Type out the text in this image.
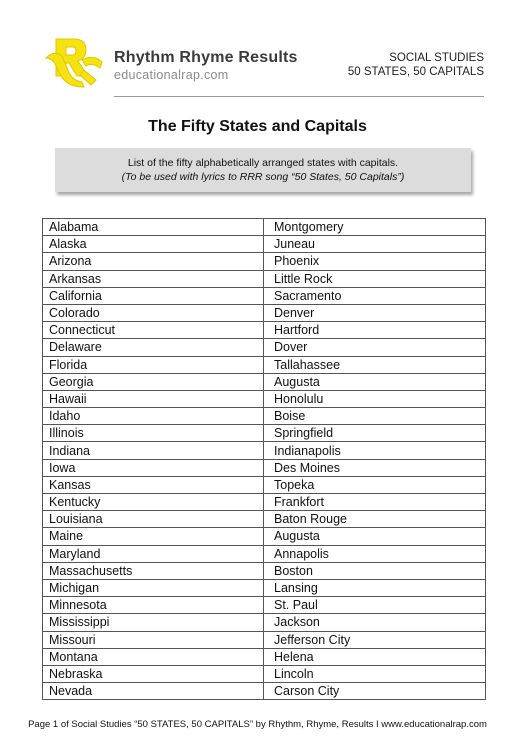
Rhythm Rhyme Results
educationalrap.com
SOCIAL STUDIES
50 STATES, 50 CAPITALS
The Fifty States and Capitals
List of the fifty alphabetically arranged states with capitals.
(To be used with lyrics to RRR song “50 States, 50 Capitals”)
Alabama	Montgomery
Alaska	Juneau
Arizona	Phoenix
Arkansas	Little Rock
California	Sacramento
Colorado	Denver
Connecticut	Hartford
Delaware	Dover
Florida	Tallahassee
Georgia	Augusta
Hawaii	Honolulu
Idaho	Boise
Illinois	Springfield
Indiana	Indianapolis
Iowa	Des Moines
Kansas	Topeka
Kentucky	Frankfort
Louisiana	Baton Rouge
Maine	Augusta
Maryland	Annapolis
Massachusetts	Boston
Michigan	Lansing
Minnesota	St. Paul
Mississippi	Jackson
Missouri	Jefferson City
Montana	Helena
Nebraska	Lincoln
Nevada	Carson City
Page 1 of Social Studies “50 STATES, 50 CAPITALS” by Rhythm, Rhyme, Results I www.educationalrap.com
